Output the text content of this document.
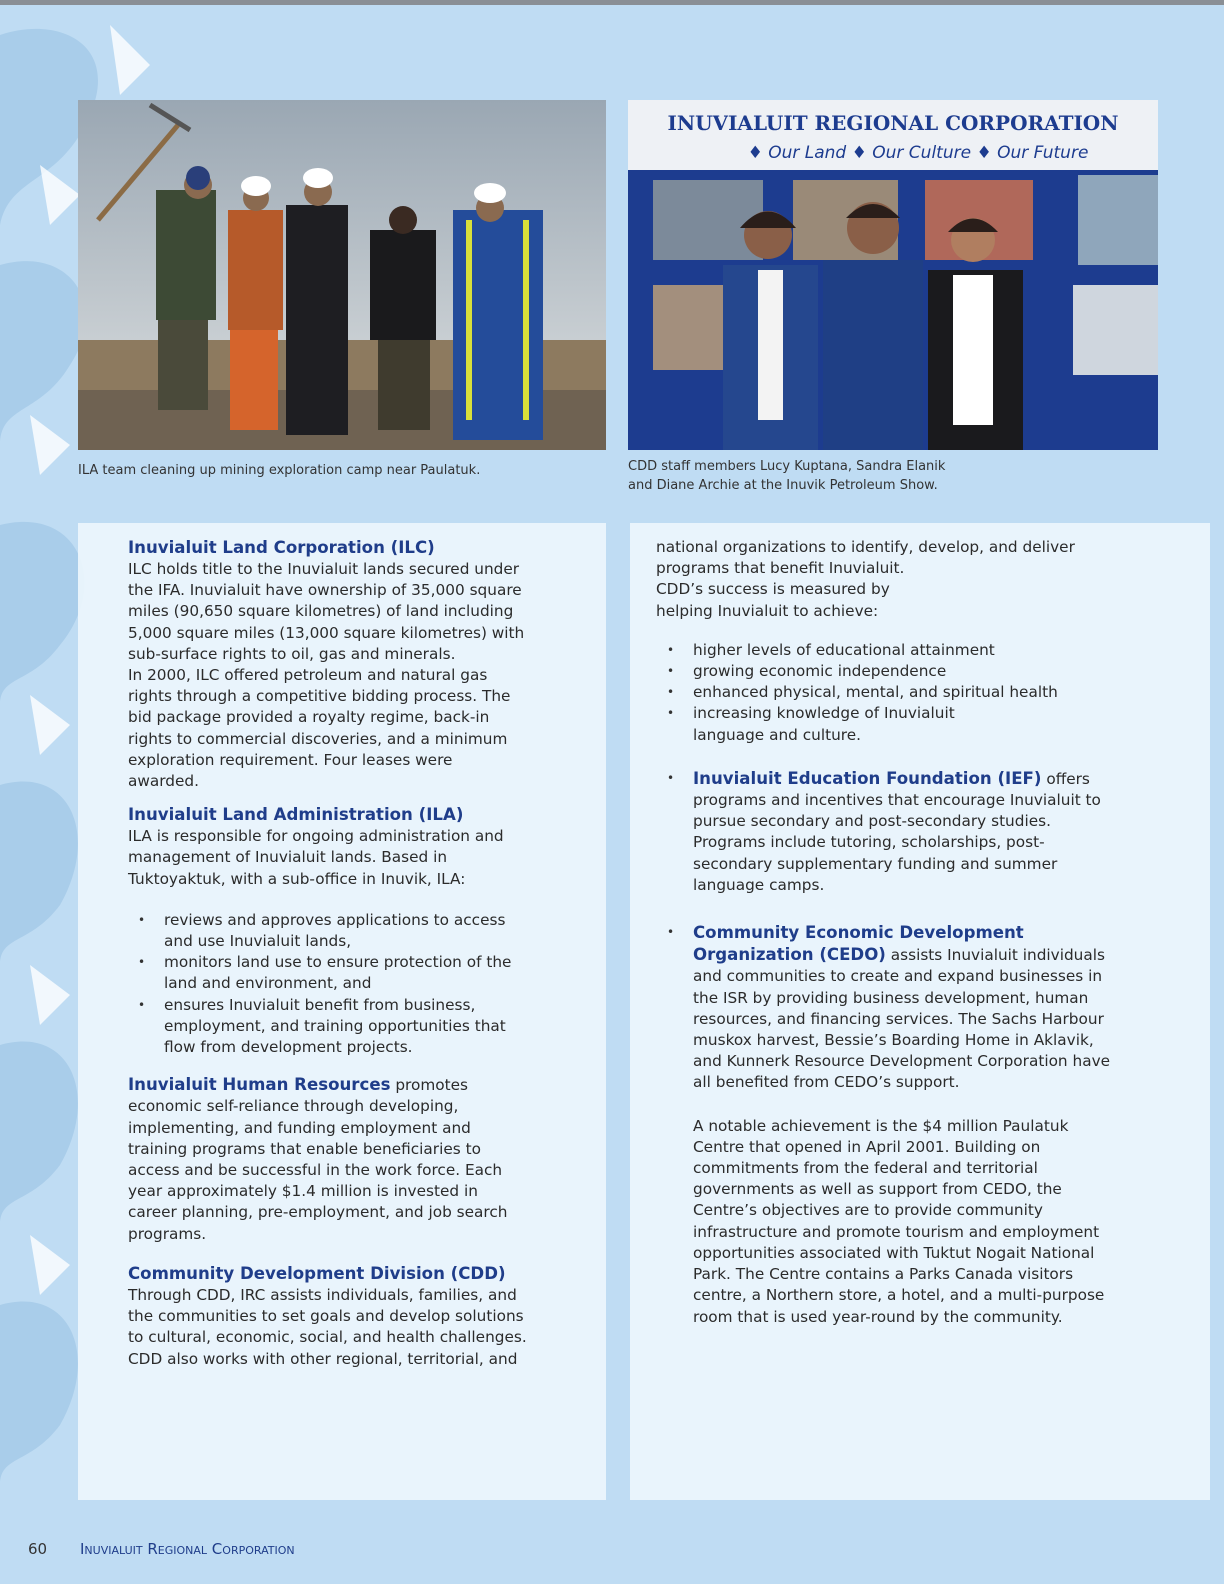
ILA team cleaning up mining exploration camp near Paulatuk.
INUVIALUIT REGIONAL CORPORATION
♦ Our Land ♦ Our Culture ♦ Our Future
CDD staff members Lucy Kuptana, Sandra Elanik
and Diane Archie at the Inuvik Petroleum Show.
Inuvialuit Land Corporation (ILC)

ILC holds title to the Inuvialuit lands secured under the IFA. Inuvialuit have ownership of 35,000 square miles (90,650 square kilometres) of land including 5,000 square miles (13,000 square kilometres) with sub-surface rights to oil, gas and minerals.

In 2000, ILC offered petroleum and natural gas rights through a competitive bidding process. The bid package provided a royalty regime, back-in rights to commercial discoveries, and a minimum exploration requirement. Four leases were awarded.

Inuvialuit Land Administration (ILA)

ILA is responsible for ongoing administration and management of Inuvialuit lands. Based in Tuktoyaktuk, with a sub-office in Inuvik, ILA:

• reviews and approves applications to access and use Inuvialuit lands,
• monitors land use to ensure protection of the land and environment, and
• ensures Inuvialuit benefit from business, employment, and training opportunities that flow from development projects.

Inuvialuit Human Resources promotes economic self-reliance through developing, implementing, and funding employment and training programs that enable beneficiaries to access and be successful in the work force. Each year approximately $1.4 million is invested in career planning, pre-employment, and job search programs.

Community Development Division (CDD)

Through CDD, IRC assists individuals, families, and the communities to set goals and develop solutions to cultural, economic, social, and health challenges. CDD also works with other regional, territorial, and

national organizations to identify, develop, and deliver programs that benefit Inuvialuit.

CDD’s success is measured by helping Inuvialuit to achieve:

• higher levels of educational attainment
• growing economic independence
• enhanced physical, mental, and spiritual health
• increasing knowledge of Inuvialuit language and culture.
• Inuvialuit Education Foundation (IEF) offers programs and incentives that encourage Inuvialuit to pursue secondary and post-secondary studies. Programs include tutoring, scholarships, post-secondary supplementary funding and summer language camps.
• Community Economic Development Organization (CEDO) assists Inuvialuit individuals and communities to create and expand businesses in the ISR by providing business development, human resources, and financing services. The Sachs Harbour muskox harvest, Bessie’s Boarding Home in Aklavik, and Kunnerk Resource Development Corporation have all benefited from CEDO’s support.

A notable achievement is the $4 million Paulatuk Centre that opened in April 2001. Building on commitments from the federal and territorial governments as well as support from CEDO, the Centre’s objectives are to provide community infrastructure and promote tourism and employment opportunities associated with Tuktut Nogait National Park. The Centre contains a Parks Canada visitors centre, a Northern store, a hotel, and a multi-purpose room that is used year-round by the community.

60 Inuvialuit Regional Corporation
